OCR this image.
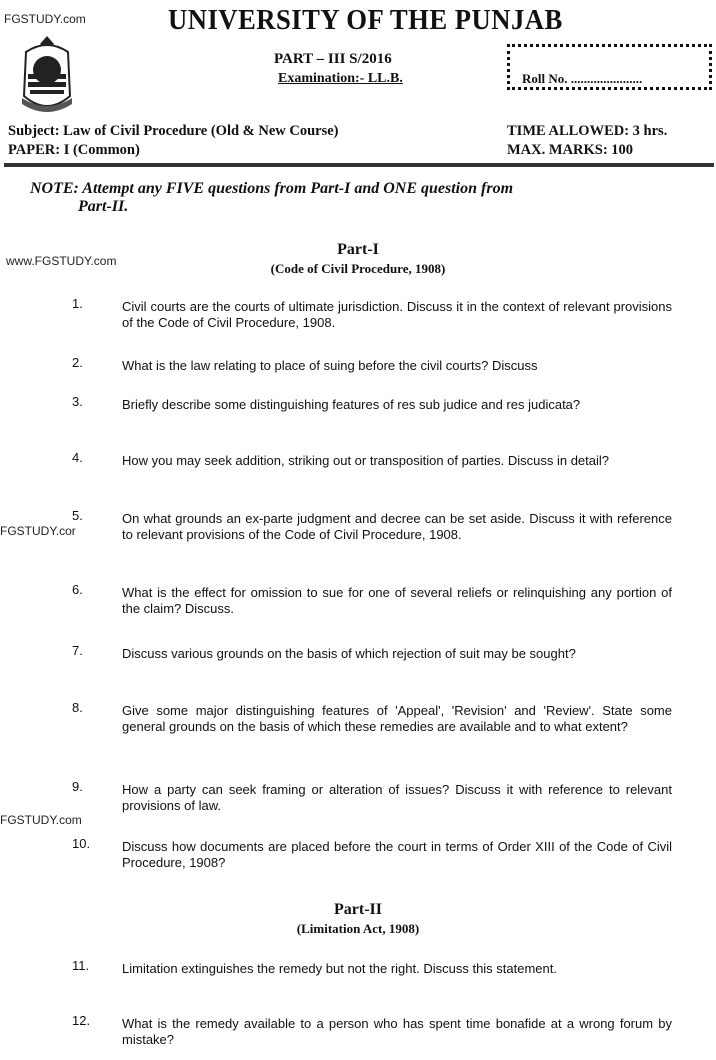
FGSTUDY.com
www.FGSTUDY.com
FGSTUDY.cor
FGSTUDY.com
UNIVERSITY OF THE PUNJAB
PART – III S/2016
Examination:- LL.B.	Roll No. ......................
Subject: Law of Civil Procedure (Old & New Course)
PAPER: I (Common)
TIME ALLOWED: 3 hrs.
MAX. MARKS: 100
NOTE: Attempt any FIVE questions from Part-I and ONE question from
Part-II.
Part-I
(Code of Civil Procedure, 1908)
1.	Civil courts are the courts of ultimate jurisdiction. Discuss it in the context of relevant provisions of the Code of Civil Procedure, 1908.
2.	What is the law relating to place of suing before the civil courts? Discuss
3.	Briefly describe some distinguishing features of res sub judice and res judicata?
4.	How you may seek addition, striking out or transposition of parties. Discuss in detail?
5.	On what grounds an ex-parte judgment and decree can be set aside. Discuss it with reference to relevant provisions of the Code of Civil Procedure, 1908.
6.	What is the effect for omission to sue for one of several reliefs or relinquishing any portion of the claim? Discuss.
7.	Discuss various grounds on the basis of which rejection of suit may be sought?
8.	Give some major distinguishing features of 'Appeal', 'Revision' and 'Review'. State some general grounds on the basis of which these remedies are available and to what extent?
9.	How a party can seek framing or alteration of issues? Discuss it with reference to relevant provisions of law.
10.	Discuss how documents are placed before the court in terms of Order XIII of the Code of Civil Procedure, 1908?
Part-II
(Limitation Act, 1908)
11.	Limitation extinguishes the remedy but not the right. Discuss this statement.
12.	What is the remedy available to a person who has spent time bonafide at a wrong forum by mistake?
